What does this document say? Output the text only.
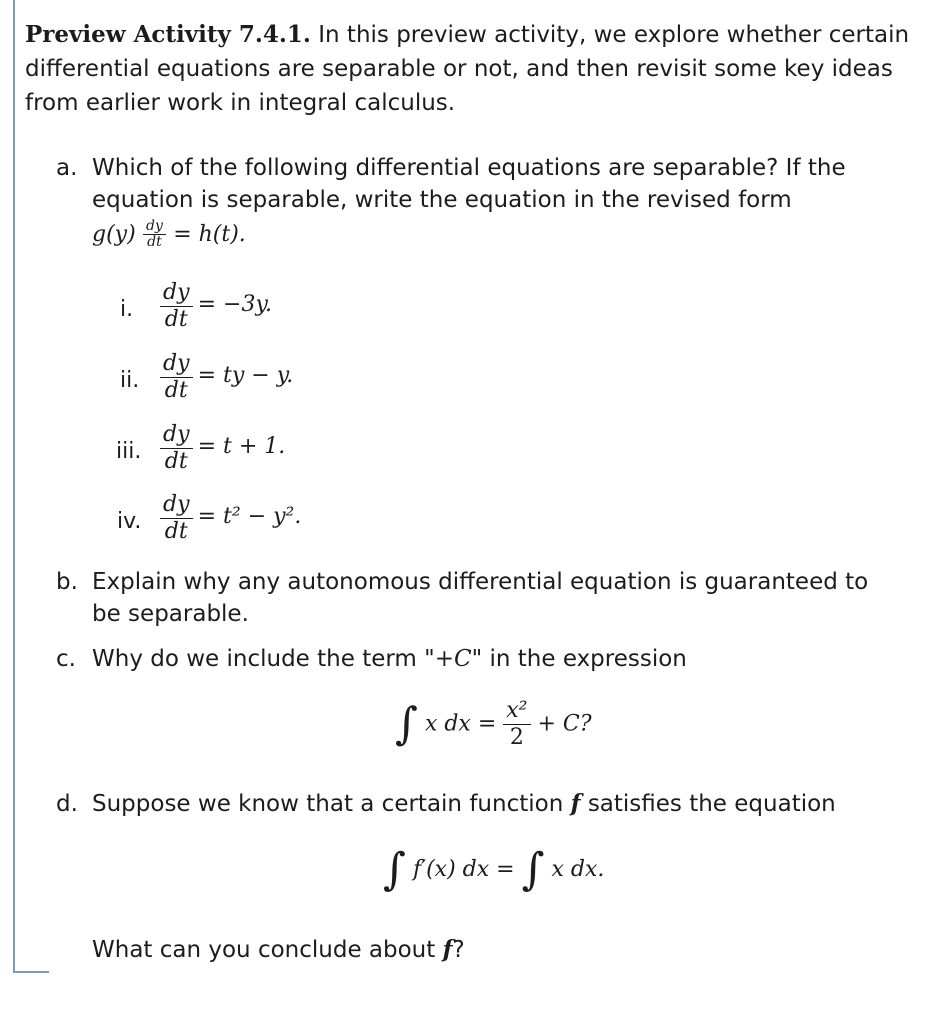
Preview Activity 7.4.1. In this preview activity, we explore whether certain differential equations are separable or not, and then revisit some key ideas from earlier work in integral calculus.
a. Which of the following differential equations are separable? If the equation is separable, write the equation in the revised form
$g(y) \frac{dy}{dt} = h(t)$.
i. $\frac{dy}{dt} = -3y$.
ii. $\frac{dy}{dt}$ = ty − y.
iii. $\frac{dy}{dt} = t + 1$.
iv. $\frac{dy}{dt} = t^2 - y^2$.
b. Explain why any autonomous differential equation is guaranteed to be separable.
c. Why do we include the term "+C" in the expression
∫ x dx = $\frac{\text{x²}}{2} + C$?
d. Suppose we know that a certain function f satisfies the equation
∫ f′(x) dx = ∫ x dx.
What can you conclude about f?
